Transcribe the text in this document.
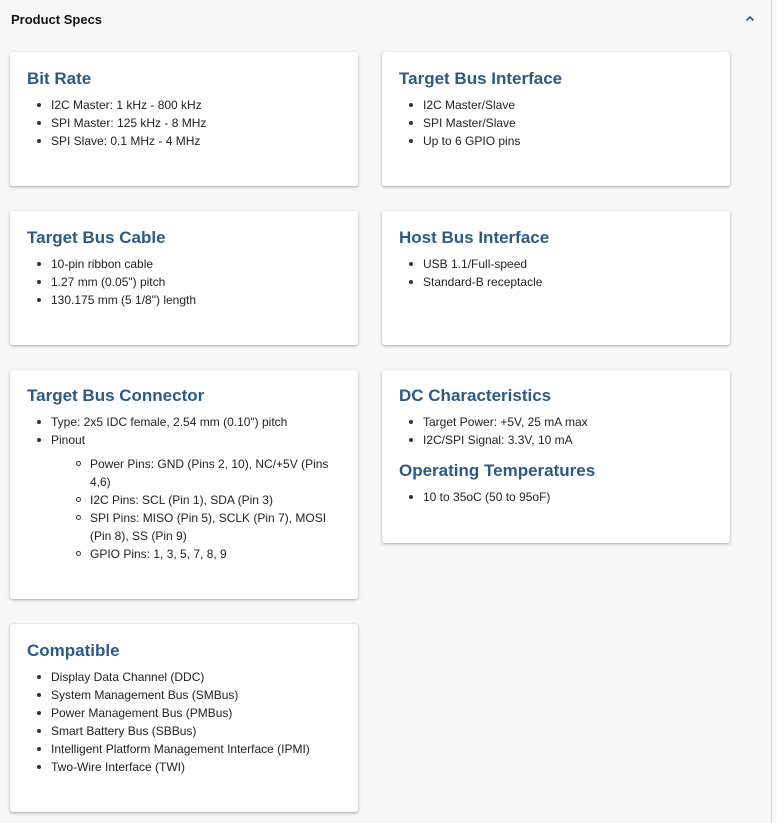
Product Specs
Bit Rate
I2C Master: 1 kHz - 800 kHz
SPI Master: 125 kHz - 8 MHz
SPI Slave: 0.1 MHz - 4 MHz
Target Bus Interface
I2C Master/Slave
SPI Master/Slave
Up to 6 GPIO pins
Target Bus Cable
10-pin ribbon cable
1.27 mm (0.05") pitch
130.175 mm (5 1/8") length
Host Bus Interface
USB 1.1/Full-speed
Standard-B receptacle
Target Bus Connector
Type: 2x5 IDC female, 2.54 mm (0.10") pitch
Pinout
Power Pins: GND (Pins 2, 10), NC/+5V (Pins 4,6)
I2C Pins: SCL (Pin 1), SDA (Pin 3)
SPI Pins: MISO (Pin 5), SCLK (Pin 7), MOSI (Pin 8), SS (Pin 9)
GPIO Pins: 1, 3, 5, 7, 8, 9
DC Characteristics
Target Power: +5V, 25 mA max
I2C/SPI Signal: 3.3V, 10 mA
Operating Temperatures
10 to 35oC (50 to 95oF)
Compatible
Display Data Channel (DDC)
System Management Bus (SMBus)
Power Management Bus (PMBus)
Smart Battery Bus (SBBus)
Intelligent Platform Management Interface (IPMI)
Two-Wire Interface (TWI)
